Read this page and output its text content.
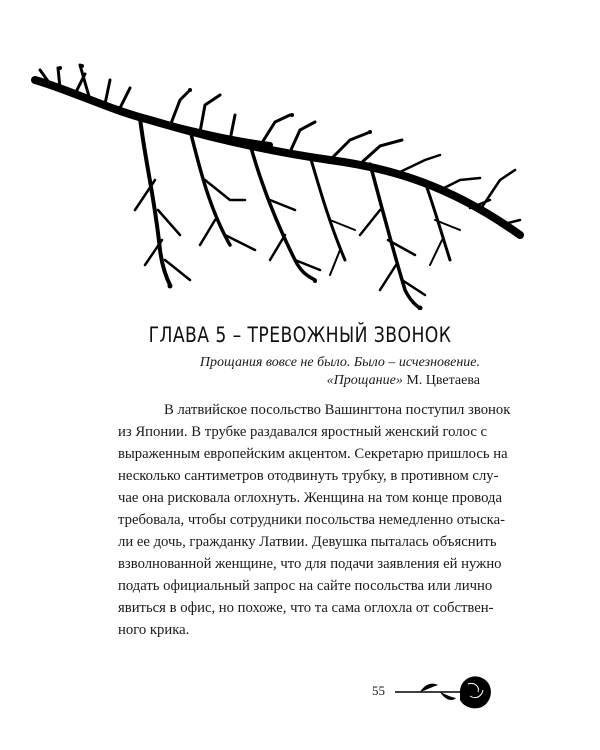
ГЛАВА 5 – ТРЕВОЖНЫЙ ЗВОНОК
Прощания вовсе не было. Было – исчезновение.
«Прощание» М. Цветаева
В латвийское посольство Вашингтона поступил звонок
из Японии. В трубке раздавался яростный женский голос с
выраженным европейским акцентом. Секретарю пришлось на
несколько сантиметров отодвинуть трубку, в противном слу-
чае она рисковала оглохнуть. Женщина на том конце провода
требовала, чтобы сотрудники посольства немедленно отыска-
ли ее дочь, гражданку Латвии. Девушка пыталась объяснить
взволнованной женщине, что для подачи заявления ей нужно
подать официальный запрос на сайте посольства или лично
явиться в офис, но похоже, что та сама оглохла от собствен-
ного крика.
55
